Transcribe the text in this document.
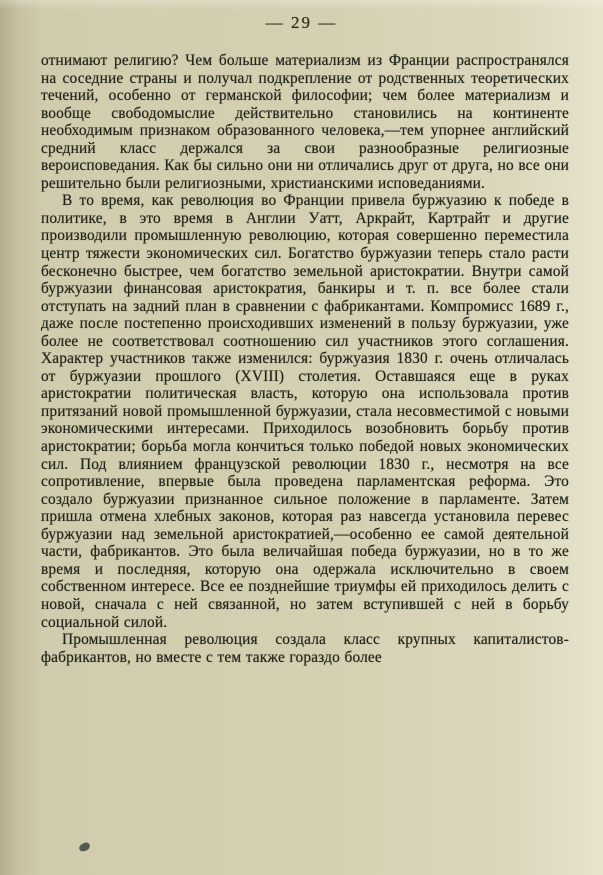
— 29 —

отнимают религию? Чем больше материализм из Франции распространялся на соседние страны и получал подкрепление от родственных теоретических течений, особенно от германской философии; чем более материализм и вообще свободомыслие действительно становились на континенте необходимым признаком образованного человека,—тем упорнее английский средний класс держался за свои разнообразные религиозные вероисповедания. Как бы сильно они ни отличались друг от друга, но все они решительно были религиозными, христианскими исповеданиями.

В то время, как революция во Франции привела буржуазию к победе в политике, в это время в Англии Уатт, Аркрайт, Картрайт и другие производили промышленную революцию, которая совершенно переместила центр тяжести экономических сил. Богатство буржуазии теперь стало расти бесконечно быстрее, чем богатство земельной аристократии. Внутри самой буржуазии финансовая аристократия, банкиры и т. п. все более стали отступать на задний план в сравнении с фабрикантами. Компромисс 1689 г., даже после постепенно происходивших изменений в пользу буржуазии, уже более не соответствовал соотношению сил участников этого соглашения. Характер участников также изменился: буржуазия 1830 г. очень отличалась от буржуазии прошлого (XVIII) столетия. Оставшаяся еще в руках аристократии политическая власть, которую она использовала против притязаний новой промышленной буржуазии, стала несовместимой с новыми экономическими интересами. Приходилось возобновить борьбу против аристократии; борьба могла кончиться только победой новых экономических сил. Под влиянием французской революции 1830 г., несмотря на все сопротивление, впервые была проведена парламентская реформа. Это создало буржуазии признанное сильное положение в парламенте. Затем пришла отмена хлебных законов, которая раз навсегда установила перевес буржуазии над земельной аристократией,—особенно ее самой деятельной части, фабрикантов. Это была величайшая победа буржуазии, но в то же время и последняя, которую она одержала исключительно в своем собственном интересе. Все ее позднейшие триумфы ей приходилось делить с новой, сначала с ней связанной, но затем вступившей с ней в борьбу социальной силой.

Промышленная революция создала класс крупных капиталистов-фабрикантов, но вместе с тем также гораздо более
